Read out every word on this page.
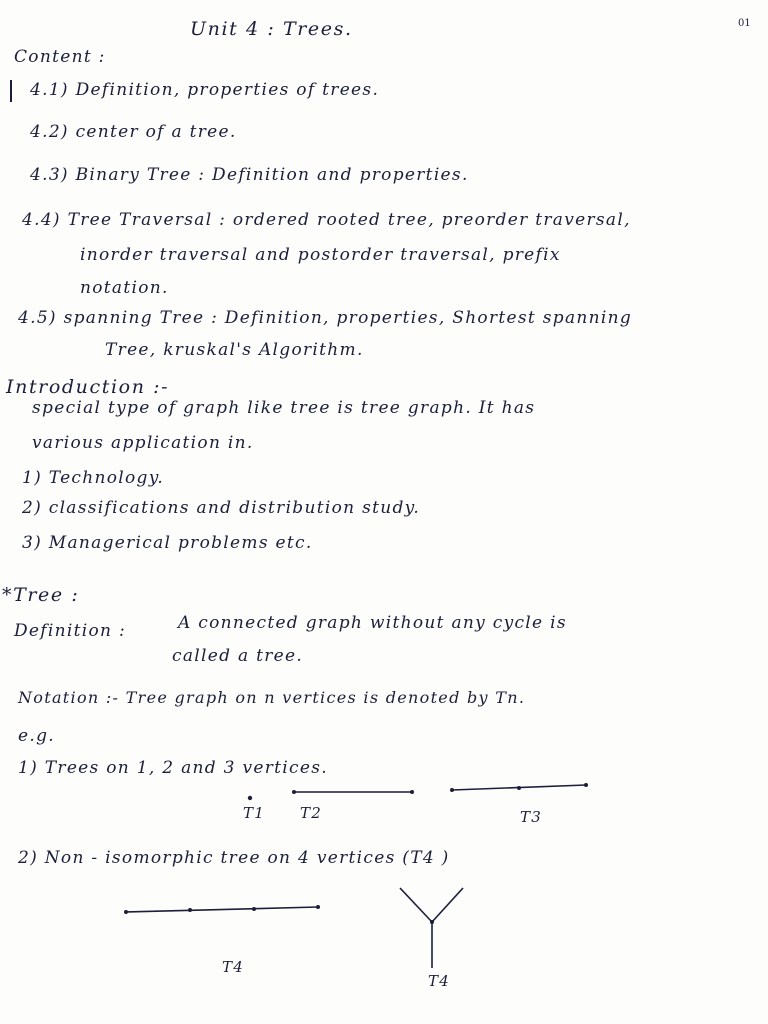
Unit 4 : Trees.	01
Content :
4.1) Definition, properties of trees.
4.2) center of a tree.
4.3) Binary Tree : Definition and properties.
4.4) Tree Traversal : ordered rooted tree, preorder traversal,
inorder traversal and postorder traversal, prefix
notation.
4.5) spanning Tree : Definition, properties, Shortest spanning
Tree, kruskal's Algorithm.
Introduction :-
special type of graph like tree is tree graph. It has
various application in.
1) Technology.
2) classifications and distribution study.
3) Managerical problems etc.
*Tree :
Definition :	A connected graph without any cycle is
called a tree.
Notation :- Tree graph on n vertices is denoted by Tn.
e.g.
1) Trees on 1, 2 and 3 vertices.
T1 T2	T3
2) Non - isomorphic tree on 4 vertices (T4 )
T4
T4
